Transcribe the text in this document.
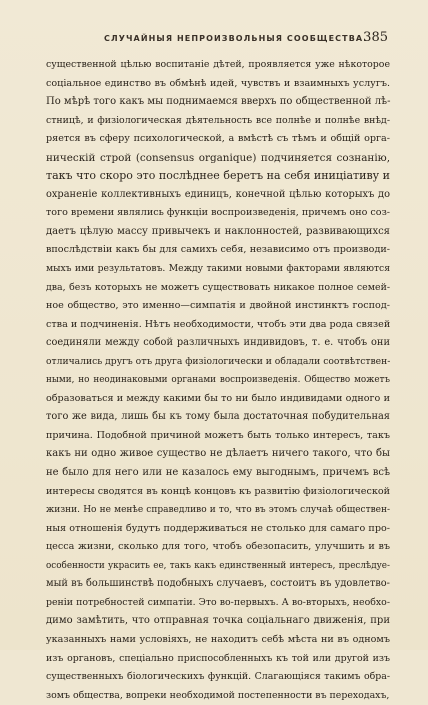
СЛУЧАЙНЫЯ НЕПРОИЗВОЛЬНЫЯ СООБЩЕСТВА.
385
существенной цѣлью воспитаніе дѣтей, проявляется уже нѣкоторое
соціальное единство въ обмѣнѣ идей, чувствъ и взаимныхъ услугъ.
По мѣрѣ того какъ мы поднимаемся вверхъ по общественной лѣ-
стницѣ, и физіологическая дѣятельность все полнѣе и полнѣе внѣд-
ряется въ сферу психологической, а вмѣстѣ съ тѣмъ и общій орга-
ническій строй (consensus organique) подчиняется сознанію,
такъ что скоро это послѣднее беретъ на себя иниціативу и
охраненіе коллективныхъ единицъ, конечной цѣлью которыхъ до
того времени являлись функціи воспроизведенія, причемъ оно соз-
даетъ цѣлую массу привычекъ и наклонностей, развивающихся
впослѣдствіи какъ бы для самихъ себя, независимо отъ производи-
мыхъ ими результатовъ. Между такими новыми факторами являются
два, безъ которыхъ не можетъ существовать никакое полное семей-
ное общество, это именно—симпатія и двойной инстинктъ господ-
ства и подчиненія. Нѣтъ необходимости, чтобъ эти два рода связей
соединяли между собой различныхъ индивидовъ, т. е. чтобъ они
отличались другъ отъ друга физіологически и обладали соотвѣтствен-
ными, но неодинаковыми органами воспроизведенія. Общество можетъ
образоваться и между какими бы то ни было индивидами одного и
того же вида, лишь бы къ тому была достаточная побудительная
причина. Подобной причиной можетъ быть только интересъ, такъ
какъ ни одно живое существо не дѣлаетъ ничего такого, что бы
не было для него или не казалось ему выгоднымъ, причемъ всѣ
интересы сводятся въ концѣ концовъ къ развитію физіологической
жизни. Но не менѣе справедливо и то, что въ этомъ случаѣ обществен-
ныя отношенія будутъ поддерживаться не столько для самаго про-
цесса жизни, сколько для того, чтобъ обезопасить, улучшить и въ
особенности украсить ее, такъ какъ единственный интересъ, преслѣдуе-
мый въ большинствѣ подобныхъ случаевъ, состоитъ въ удовлетво-
реніи потребностей симпатіи. Это во-первыхъ. А во-вторыхъ, необхо-
димо замѣтить, что отправная точка соціальнаго движенія, при
указанныхъ нами условіяхъ, не находитъ себѣ мѣста ни въ одномъ
изъ органовъ, спеціально приспособленныхъ къ той или другой изъ
существенныхъ біологическихъ функцій. Слагающіяся такимъ обра-
зомъ общества, вопреки необходимой постепенности въ переходахъ,
